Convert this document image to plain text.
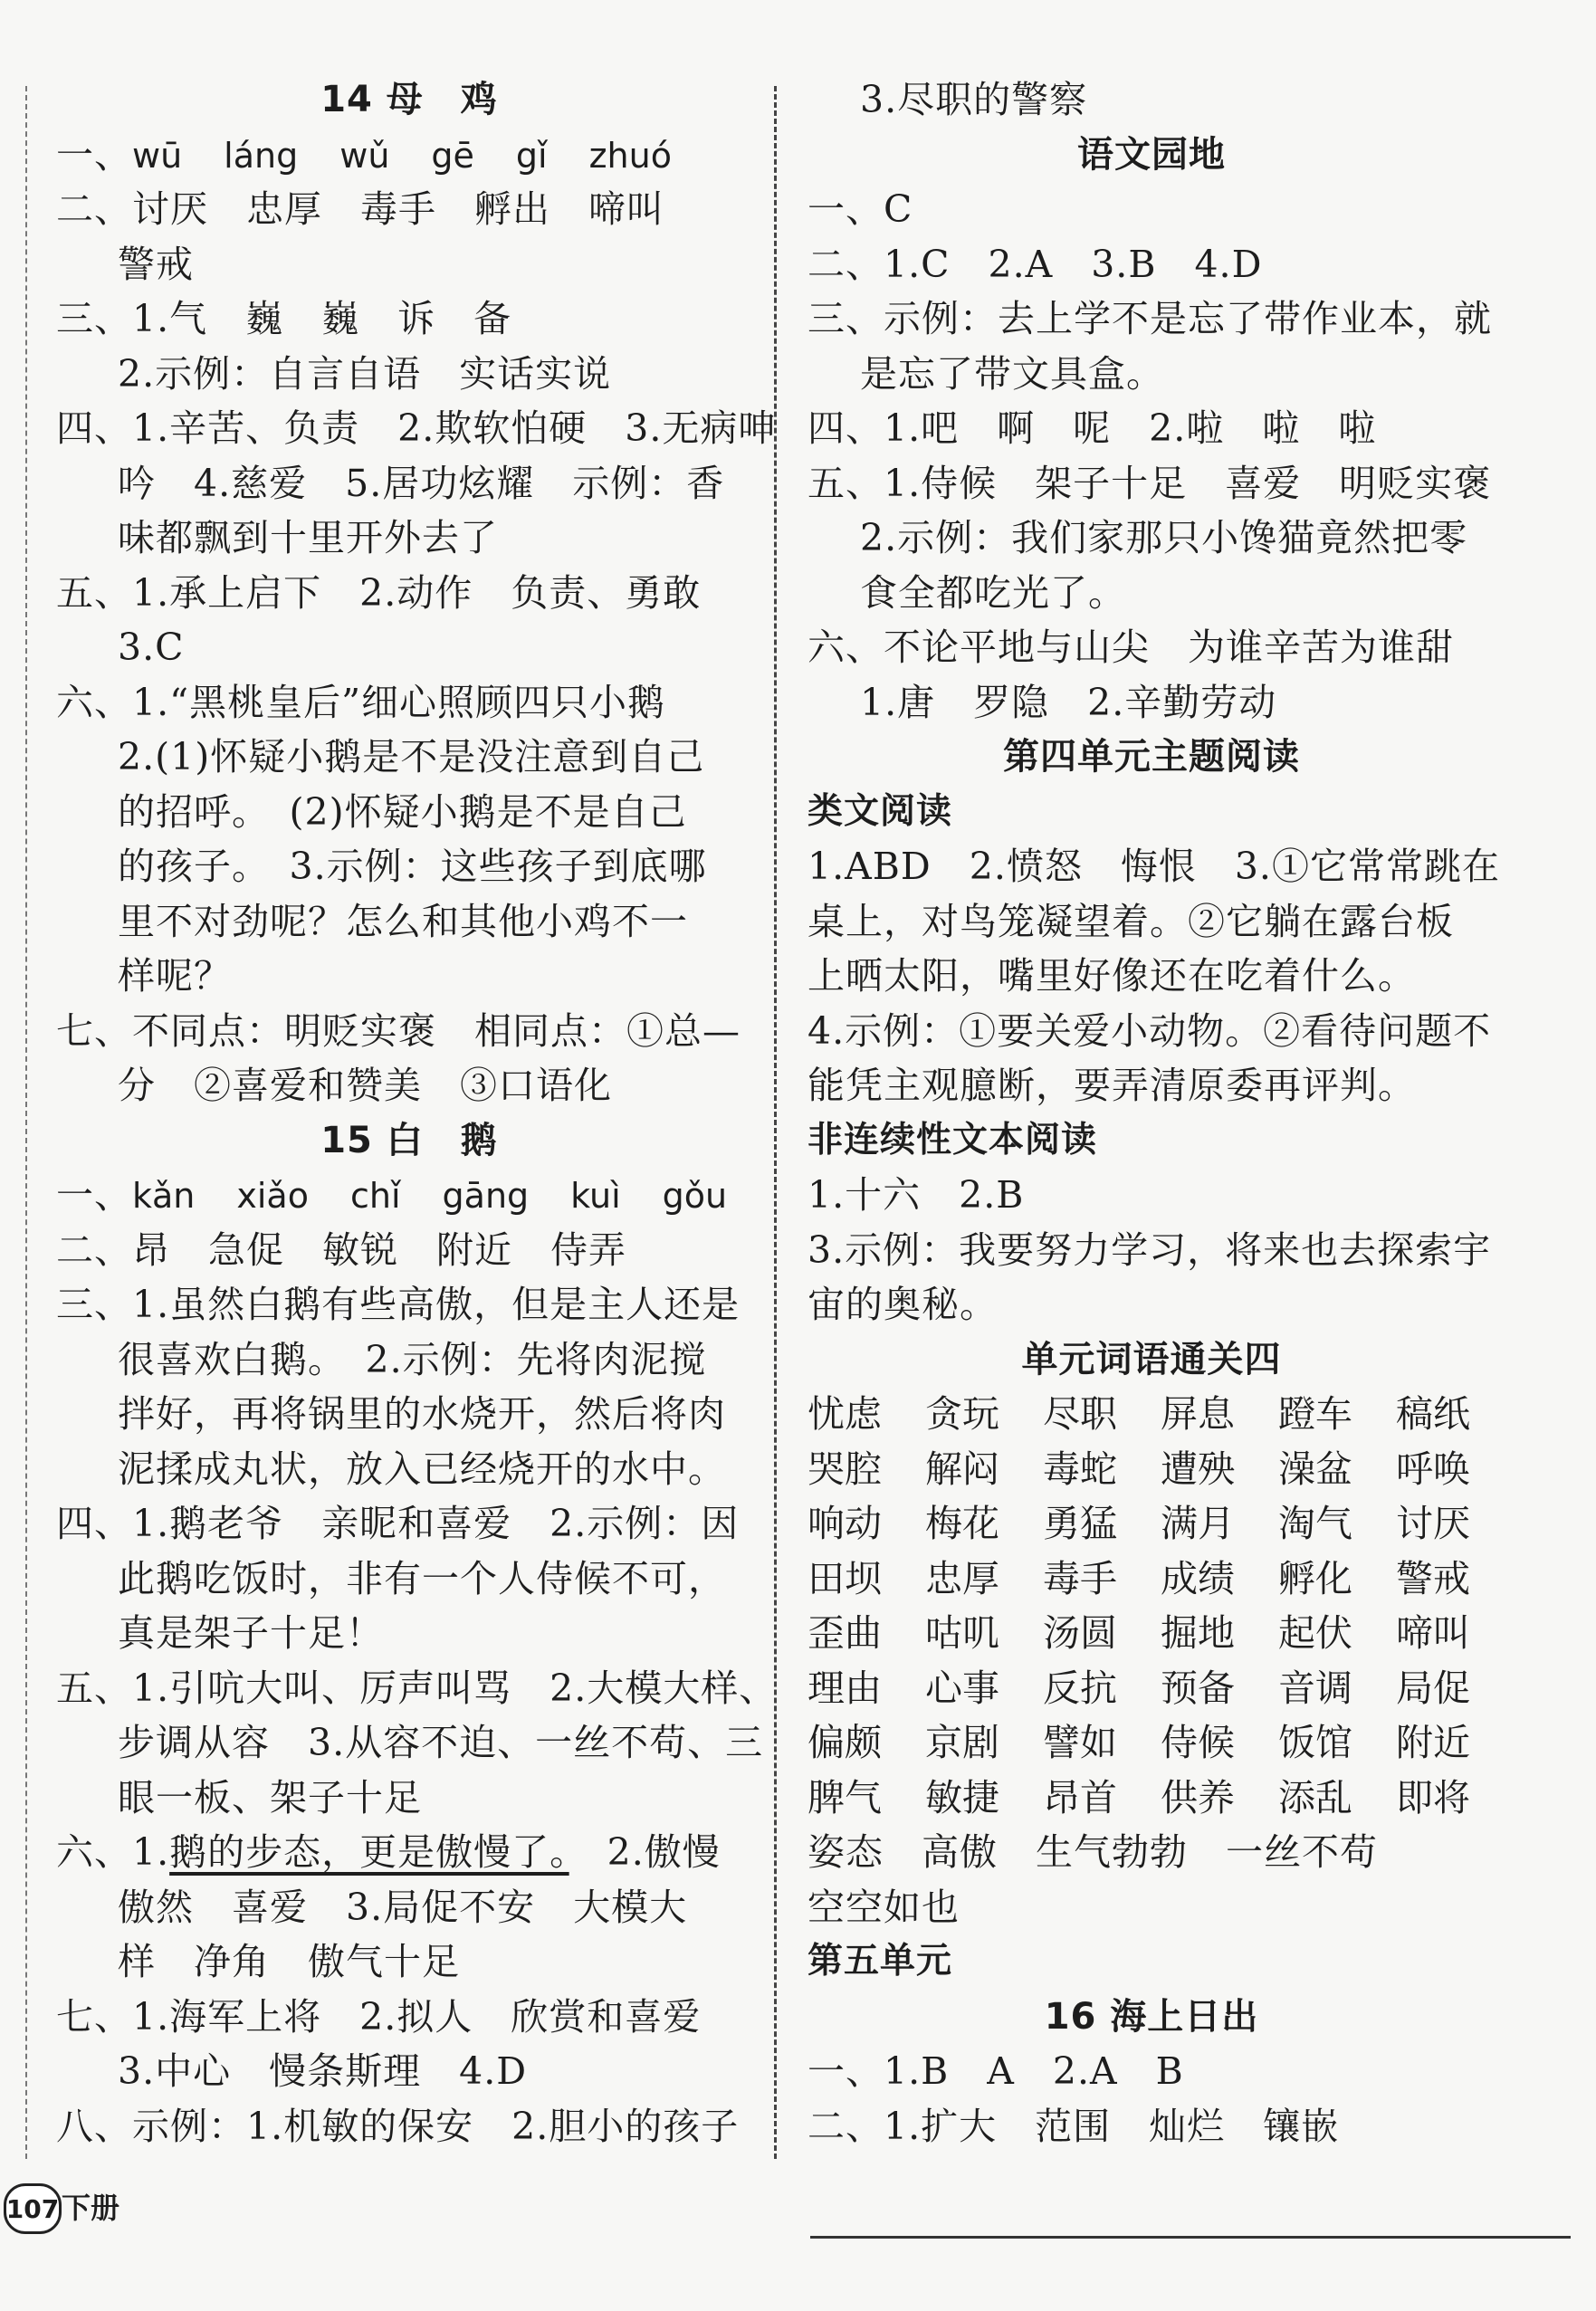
14 母　鸡
一、wū láng wǔ gē gǐ zhuó
二、讨厌　忠厚　毒手　孵出　啼叫
警戒
三、1.气　巍　巍　诉　备
2.示例：自言自语　实话实说
四、1.辛苦、负责　2.欺软怕硬　3.无病呻
吟　4.慈爱　5.居功炫耀　示例：香
味都飘到十里开外去了
五、1.承上启下　2.动作　负责、勇敢
3.C
六、1.“黑桃皇后”细心照顾四只小鹅
2.(1)怀疑小鹅是不是没注意到自己
的招呼。　(2)怀疑小鹅是不是自己
的孩子。　3.示例：这些孩子到底哪
里不对劲呢？怎么和其他小鸡不一
样呢？
七、不同点：明贬实褒　相同点：①总—
分　②喜爱和赞美　③口语化
15 白　鹅
一、kǎn xiǎo chǐ gāng kuì gǒu
二、昂　急促　敏锐　附近　侍弄
三、1.虽然白鹅有些高傲，但是主人还是
很喜欢白鹅。　2.示例：先将肉泥搅
拌好，再将锅里的水烧开，然后将肉
泥揉成丸状，放入已经烧开的水中。
四、1.鹅老爷　亲昵和喜爱　2.示例：因
此鹅吃饭时，非有一个人侍候不可，
真是架子十足！
五、1.引吭大叫、厉声叫骂　2.大模大样、
步调从容　3.从容不迫、一丝不苟、三
眼一板、架子十足
六、1.鹅的步态，更是傲慢了。　2.傲慢
傲然　喜爱　3.局促不安　大模大
样　净角　傲气十足
七、1.海军上将　2.拟人　欣赏和喜爱
3.中心　慢条斯理　4.D
八、示例：1.机敏的保安　2.胆小的孩子
3.尽职的警察
语文园地
一、C
二、1.C　2.A　3.B　4.D
三、示例：去上学不是忘了带作业本，就
是忘了带文具盒。
四、1.吧　啊　呢　2.啦　啦　啦
五、1.侍候　架子十足　喜爱　明贬实褒
2.示例：我们家那只小馋猫竟然把零
食全都吃光了。
六、不论平地与山尖　为谁辛苦为谁甜
1.唐　罗隐　2.辛勤劳动
第四单元主题阅读
类文阅读
1.ABD　2.愤怒　悔恨　3.①它常常跳在
桌上，对鸟笼凝望着。②它躺在露台板
上晒太阳，嘴里好像还在吃着什么。
4.示例：①要关爱小动物。②看待问题不
能凭主观臆断，要弄清原委再评判。
非连续性文本阅读
1.十六　2.B
3.示例：我要努力学习，将来也去探索宇
宙的奥秘。
单元词语通关四
忧虑	贪玩	尽职	屏息	蹬车	稿纸
哭腔	解闷	毒蛇	遭殃	澡盆	呼唤
响动	梅花	勇猛	满月	淘气	讨厌
田坝	忠厚	毒手	成绩	孵化	警戒
歪曲	咕叽	汤圆	掘地	起伏	啼叫
理由	心事	反抗	预备	音调	局促
偏颇	京剧	譬如	侍候	饭馆	附近
脾气	敏捷	昂首	供养	添乱	即将
姿态　高傲　生气勃勃　一丝不苟
空空如也
第五单元
16 海上日出
一、1.B　A　2.A　B
二、1.扩大　范围　灿烂　镶嵌
107 下册
